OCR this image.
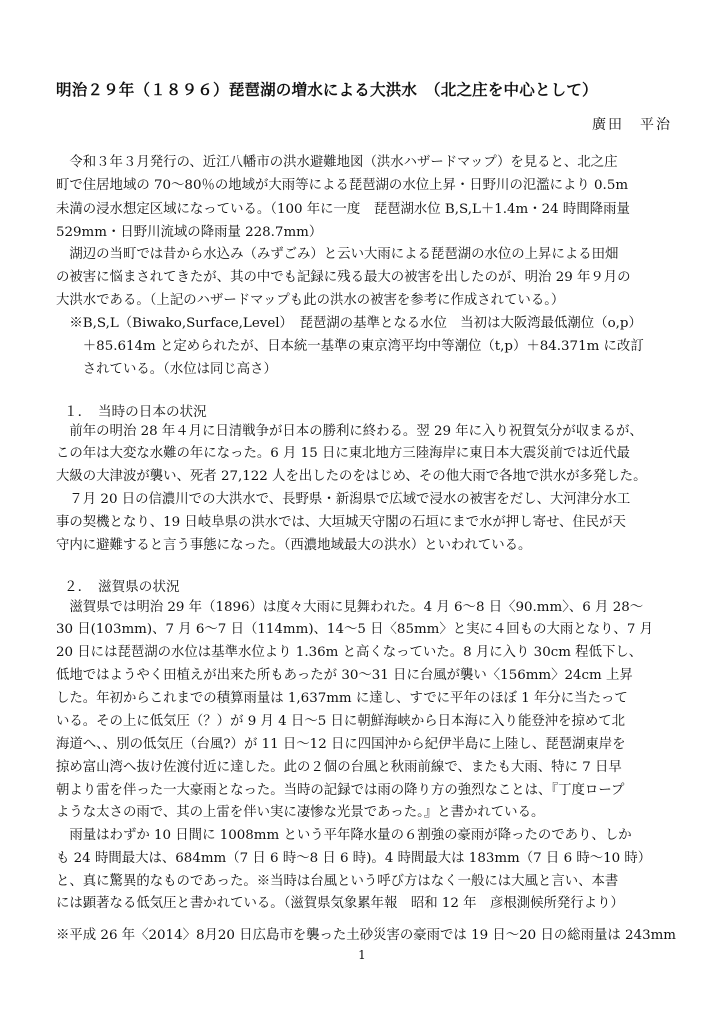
明治２９年（１８９６）琵琶湖の増水による大洪水　（北之庄を中心として）
廣田　平治
　令和３年３月発行の、近江八幡市の洪水避難地図（洪水ハザードマップ）を見ると、北之庄
町で住居地域の 70～80％の地域が大雨等による琵琶湖の水位上昇・日野川の氾濫により 0.5m
未満の浸水想定区域になっている。（100 年に一度　琵琶湖水位 B,S,L＋1.4m・24 時間降雨量
529mm・日野川流域の降雨量 228.7mm）
　湖辺の当町では昔から水込み（みずごみ）と云い大雨による琵琶湖の水位の上昇による田畑
の被害に悩まされてきたが、其の中でも記録に残る最大の被害を出したのが、明治 29 年９月の
大洪水である。（上記のハザードマップも此の洪水の被害を参考に作成されている。）
　※B,S,L（Biwako,Surface,Level）　琵琶湖の基準となる水位　当初は大阪湾最低潮位（o,p）
　　＋85.614m と定められたが、日本統一基準の東京湾平均中等潮位（t,p）＋84.371m に改訂
　　されている。（水位は同じ高さ）
１．　当時の日本の状況
　前年の明治 28 年４月に日清戦争が日本の勝利に終わる。翌 29 年に入り祝賀気分が収まるが、
この年は大変な水難の年になった。6 月 15 日に東北地方三陸海岸に東日本大震災前では近代最
大級の大津波が襲い、死者 27,122 人を出したのをはじめ、その他大雨で各地で洪水が多発した。
　７月 20 日の信濃川での大洪水で、長野県・新潟県で広域で浸水の被害をだし、大河津分水工
事の契機となり、19 日岐阜県の洪水では、大垣城天守閣の石垣にまで水が押し寄せ、住民が天
守内に避難すると言う事態になった。（西濃地域最大の洪水）といわれている。
２．　滋賀県の状況
　滋賀県では明治 29 年（1896）は度々大雨に見舞われた。4 月 6～8 日〈90.mm〉、6 月 28～
30 日(103mm)、7 月 6～7 日（114mm)、14～5 日〈85mm〉と実に４回もの大雨となり、7 月
20 日には琵琶湖の水位は基準水位より 1.36m と高くなっていた。8 月に入り 30cm 程低下し、
低地ではようやく田植えが出来た所もあったが 30～31 日に台風が襲い〈156mm〉24cm 上昇
した。年初からこれまでの積算雨量は 1,637mm に達し、すでに平年のほぼ 1 年分に当たって
いる。その上に低気圧（？）が 9 月 4 日～5 日に朝鮮海峡から日本海に入り能登沖を掠めて北
海道へ、、別の低気圧（台風?）が 11 日～12 日に四国沖から紀伊半島に上陸し、琵琶湖東岸を
掠め富山湾へ抜け佐渡付近に達した。此の２個の台風と秋雨前線で、またも大雨、特に 7 日早
朝より雷を伴った一大豪雨となった。当時の記録では雨の降り方の強烈なことは、『丁度ロープ
ような太さの雨で、其の上雷を伴い実に凄惨な光景であった。』と書かれている。
　雨量はわずか 10 日間に 1008mm という平年降水量の６割強の豪雨が降ったのであり、しか
も 24 時間最大は、684mm（7 日 6 時～8 日 6 時)。4 時間最大は 183mm（7 日 6 時～10 時）
と、真に驚異的なものであった。※当時は台風という呼び方はなく一般には大風と言い、本書
には顕著なる低気圧と書かれている。（滋賀県気象累年報　昭和 12 年　彦根測候所発行より）
※平成 26 年〈2014〉8月20 日広島市を襲った土砂災害の豪雨では 19 日～20 日の総雨量は 243mm
1
